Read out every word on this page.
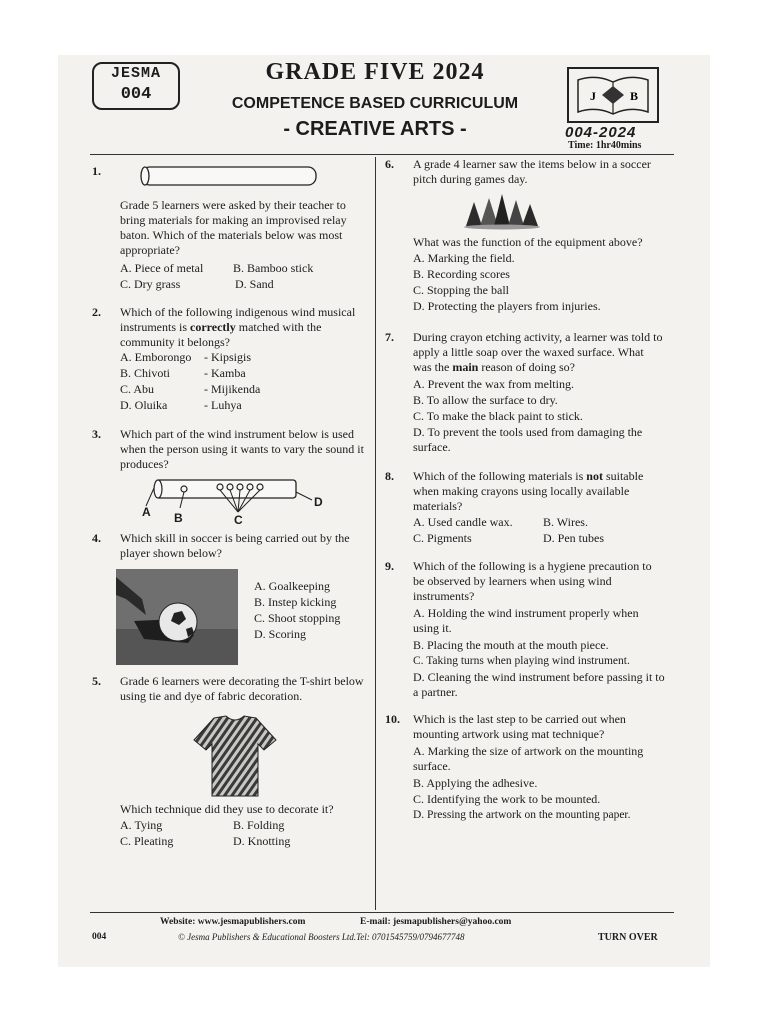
JESMA
004
GRADE FIVE 2024
COMPETENCE BASED CURRICULUM
- CREATIVE ARTS -
J	B
004-2024
Time: 1hr40mins
1.
Grade 5 learners were asked by their teacher to bring materials for making an improvised relay baton. Which of the materials below was most appropriate?
A. Piece of metal B. Bamboo stick
C. Dry grass	D. Sand
2. Which of the following indigenous wind musical instruments is correctly matched with the community it belongs?
A. Emborongo - Kipsigis
B. Chivoti	- Kamba
C. Abu	- Mijikenda
D. Oluika	- Luhya
3. Which part of the wind instrument below is used when the person using it wants to vary the sound it produces?
A B	C
D
4. Which skill in soccer is being carried out by the player shown below?
A. Goalkeeping
B. Instep kicking
C. Shoot stopping
D. Scoring
5. Grade 6 learners were decorating the T-shirt below using tie and dye of fabric decoration.
Which technique did they use to decorate it?
A. Tying	B. Folding
C. Pleating	D. Knotting
6. A grade 4 learner saw the items below in a soccer pitch during games day.
What was the function of the equipment above?
A. Marking the field.
B. Recording scores
C. Stopping the ball
D. Protecting the players from injuries.
7. During crayon etching activity, a learner was told to apply a little soap over the waxed surface. What was the main reason of doing so?
A. Prevent the wax from melting.
B. To allow the surface to dry.
C. To make the black paint to stick.
D. To prevent the tools used from damaging the surface.
8. Which of the following materials is not suitable when making crayons using locally available materials?
A. Used candle wax.	B. Wires.
C. Pigments	D. Pen tubes
9. Which of the following is a hygiene precaution to be observed by learners when using wind instruments?
A. Holding the wind instrument properly when using it.
B. Placing the mouth at the mouth piece.
C. Taking turns when playing wind instrument.
D. Cleaning the wind instrument before passing it to a partner.
10. Which is the last step to be carried out when mounting artwork using mat technique?
A. Marking the size of artwork on the mounting surface.
B. Applying the adhesive.
C. Identifying the work to be mounted.
D. Pressing the artwork on the mounting paper.
Website: www.jesmapublishers.com	E-mail: jesmapublishers@yahoo.com
004	© Jesma Publishers & Educational Boosters Ltd.Tel: 0701545759/0794677748	TURN OVER
